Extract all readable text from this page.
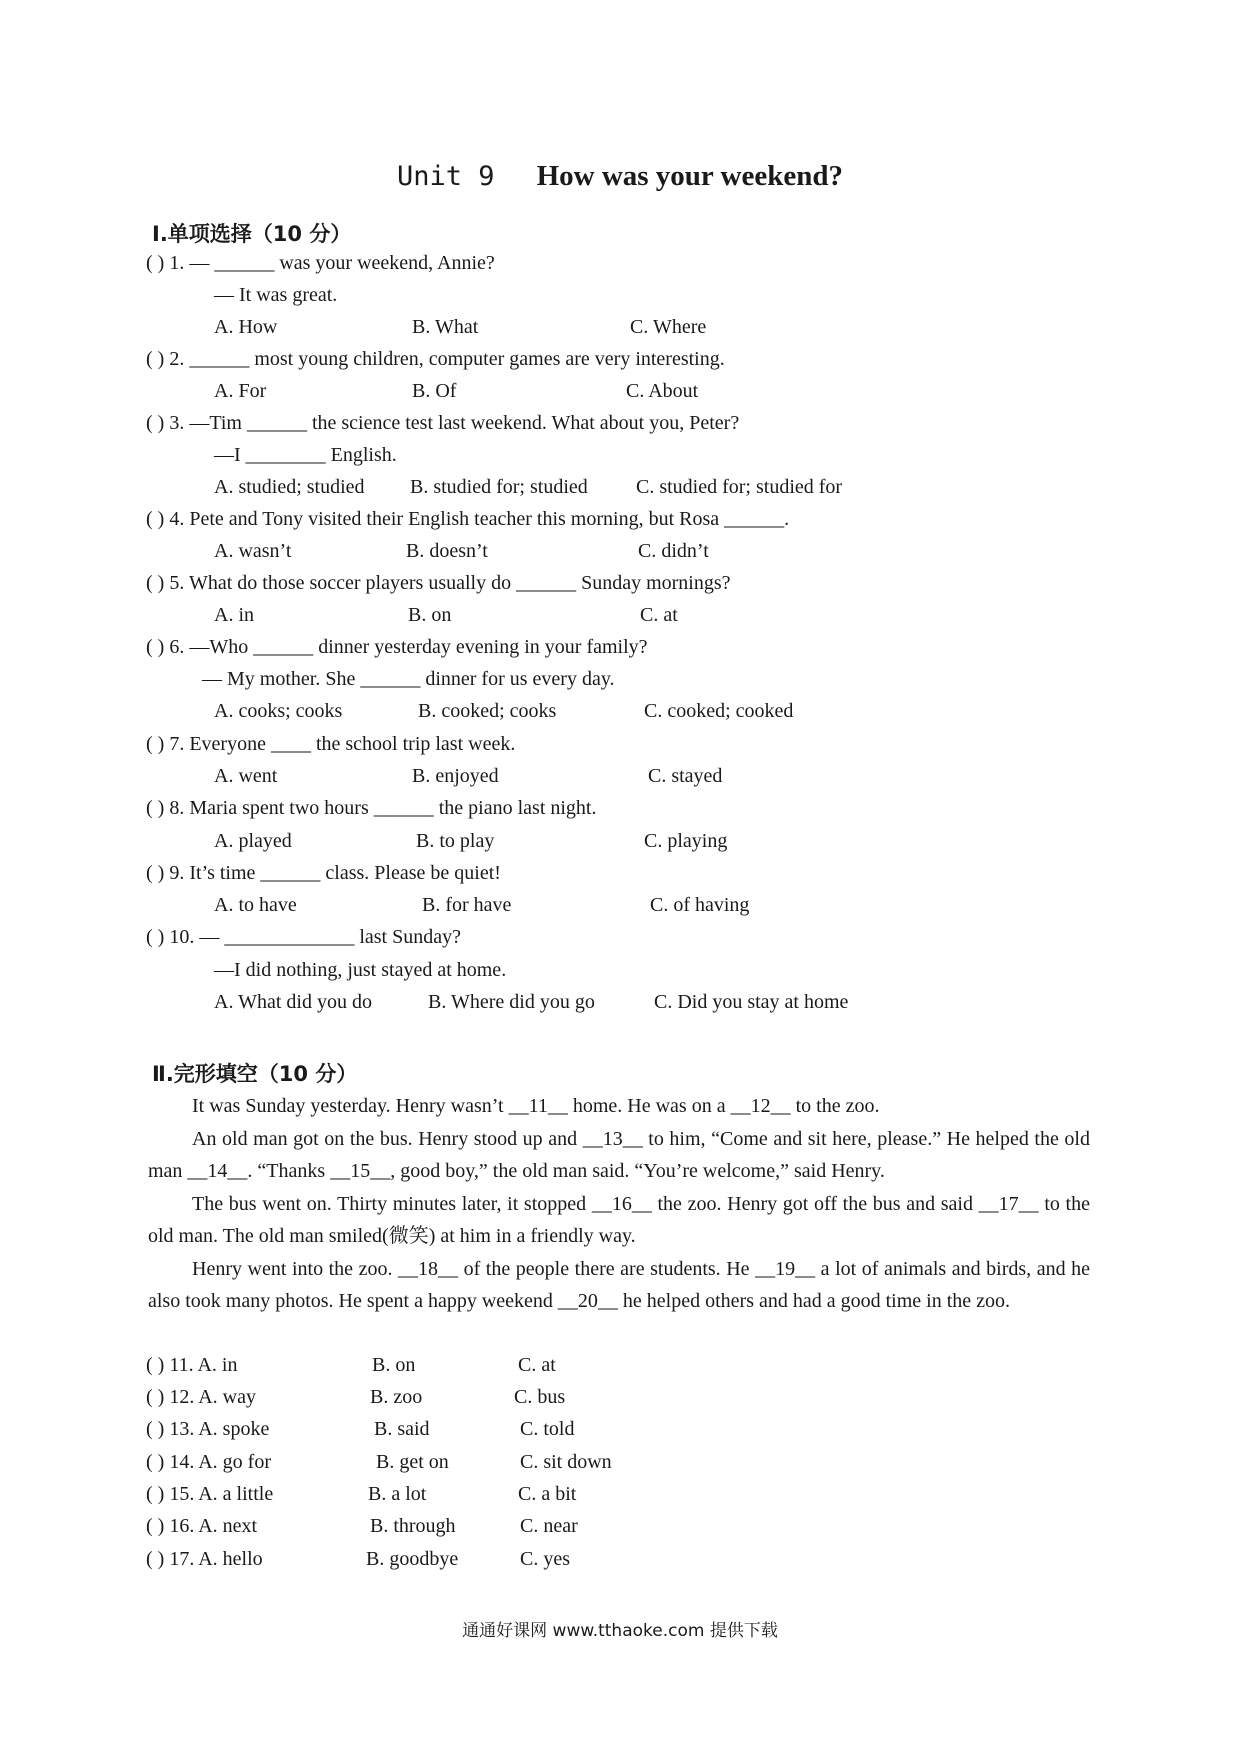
Unit 9 How was your weekend?
Ⅰ.单项选择（10 分）
( ) 1. — ______ was your weekend, Annie?
— It was great.
A. How	B. What	C. Where
( ) 2. ______ most young children, computer games are very interesting.
A. For	B. Of	C. About
( ) 3. —Tim ______ the science test last weekend. What about you, Peter?
—I ________ English.
A. studied; studied B. studied for; studied C. studied for; studied for
( ) 4. Pete and Tony visited their English teacher this morning, but Rosa ______.
A. wasn’t	B. doesn’t	C. didn’t
( ) 5. What do those soccer players usually do ______ Sunday mornings?
A. in	B. on	C. at
( ) 6. —Who ______ dinner yesterday evening in your family?
— My mother. She ______ dinner for us every day.
A. cooks; cooks	B. cooked; cooks	C. cooked; cooked
( ) 7. Everyone ____ the school trip last week.
A. went	B. enjoyed	C. stayed
( ) 8. Maria spent two hours ______ the piano last night.
A. played	B. to play	C. playing
( ) 9. It’s time ______ class. Please be quiet!
A. to have	B. for have	C. of having
( ) 10. — _____________ last Sunday?
—I did nothing, just stayed at home.
A. What did you do	B. Where did you go	C. Did you stay at home
Ⅱ.完形填空（10 分）

It was Sunday yesterday. Henry wasn’t __11__ home. He was on a __12__ to the zoo.

An old man got on the bus. Henry stood up and __13__ to him, “Come and sit here, please.” He helped the old man __14__. “Thanks __15__, good boy,” the old man said. “You’re welcome,” said Henry.

The bus went on. Thirty minutes later, it stopped __16__ the zoo. Henry got off the bus and said __17__ to the old man. The old man smiled(微笑) at him in a friendly way.

Henry went into the zoo. __18__ of the people there are students. He __19__ a lot of animals and birds, and he also took many photos. He spent a happy weekend __20__ he helped others and had a good time in the zoo.

( ) 11. A. in	B. on	C. at
( ) 12. A. way	B. zoo	C. bus
( ) 13. A. spoke	B. said	C. told
( ) 14. A. go for	B. get on	C. sit down
( ) 15. A. a little	B. a lot	C. a bit
( ) 16. A. next	B. through	C. near
( ) 17. A. hello	B. goodbye	C. yes
通通好课网 www.tthaoke.com 提供下载
